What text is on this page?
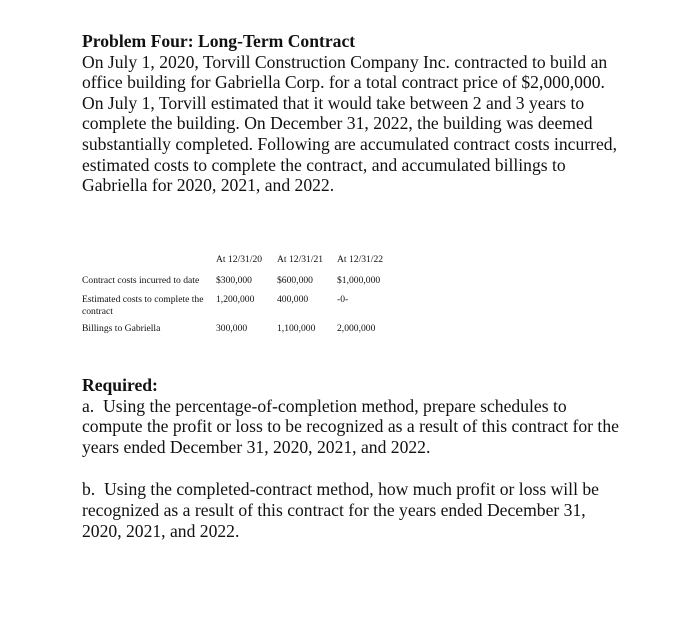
Problem Four: Long-Term Contract

On July 1, 2020, Torvill Construction Company Inc. contracted to build an office building for Gabriella Corp. for a total contract price of $2,000,000. On July 1, Torvill estimated that it would take between 2 and 3 years to complete the building. On December 31, 2022, the building was deemed substantially completed. Following are accumulated contract costs incurred, estimated costs to complete the contract, and accumulated billings to Gabriella for 2020, 2021, and 2022.

	At 12/31/20	At 12/31/21	At 12/31/22
Contract costs incurred to date	$300,000	$600,000	$1,000,000
Estimated costs to complete the contract	1,200,000	400,000	-0-
Billings to Gabriella	300,000	1,100,000	2,000,000

Required:

a. Using the percentage-of-completion method, prepare schedules to compute the profit or loss to be recognized as a result of this contract for the years ended December 31, 2020, 2021, and 2022.

b. Using the completed-contract method, how much profit or loss will be recognized as a result of this contract for the years ended December 31, 2020, 2021, and 2022.
